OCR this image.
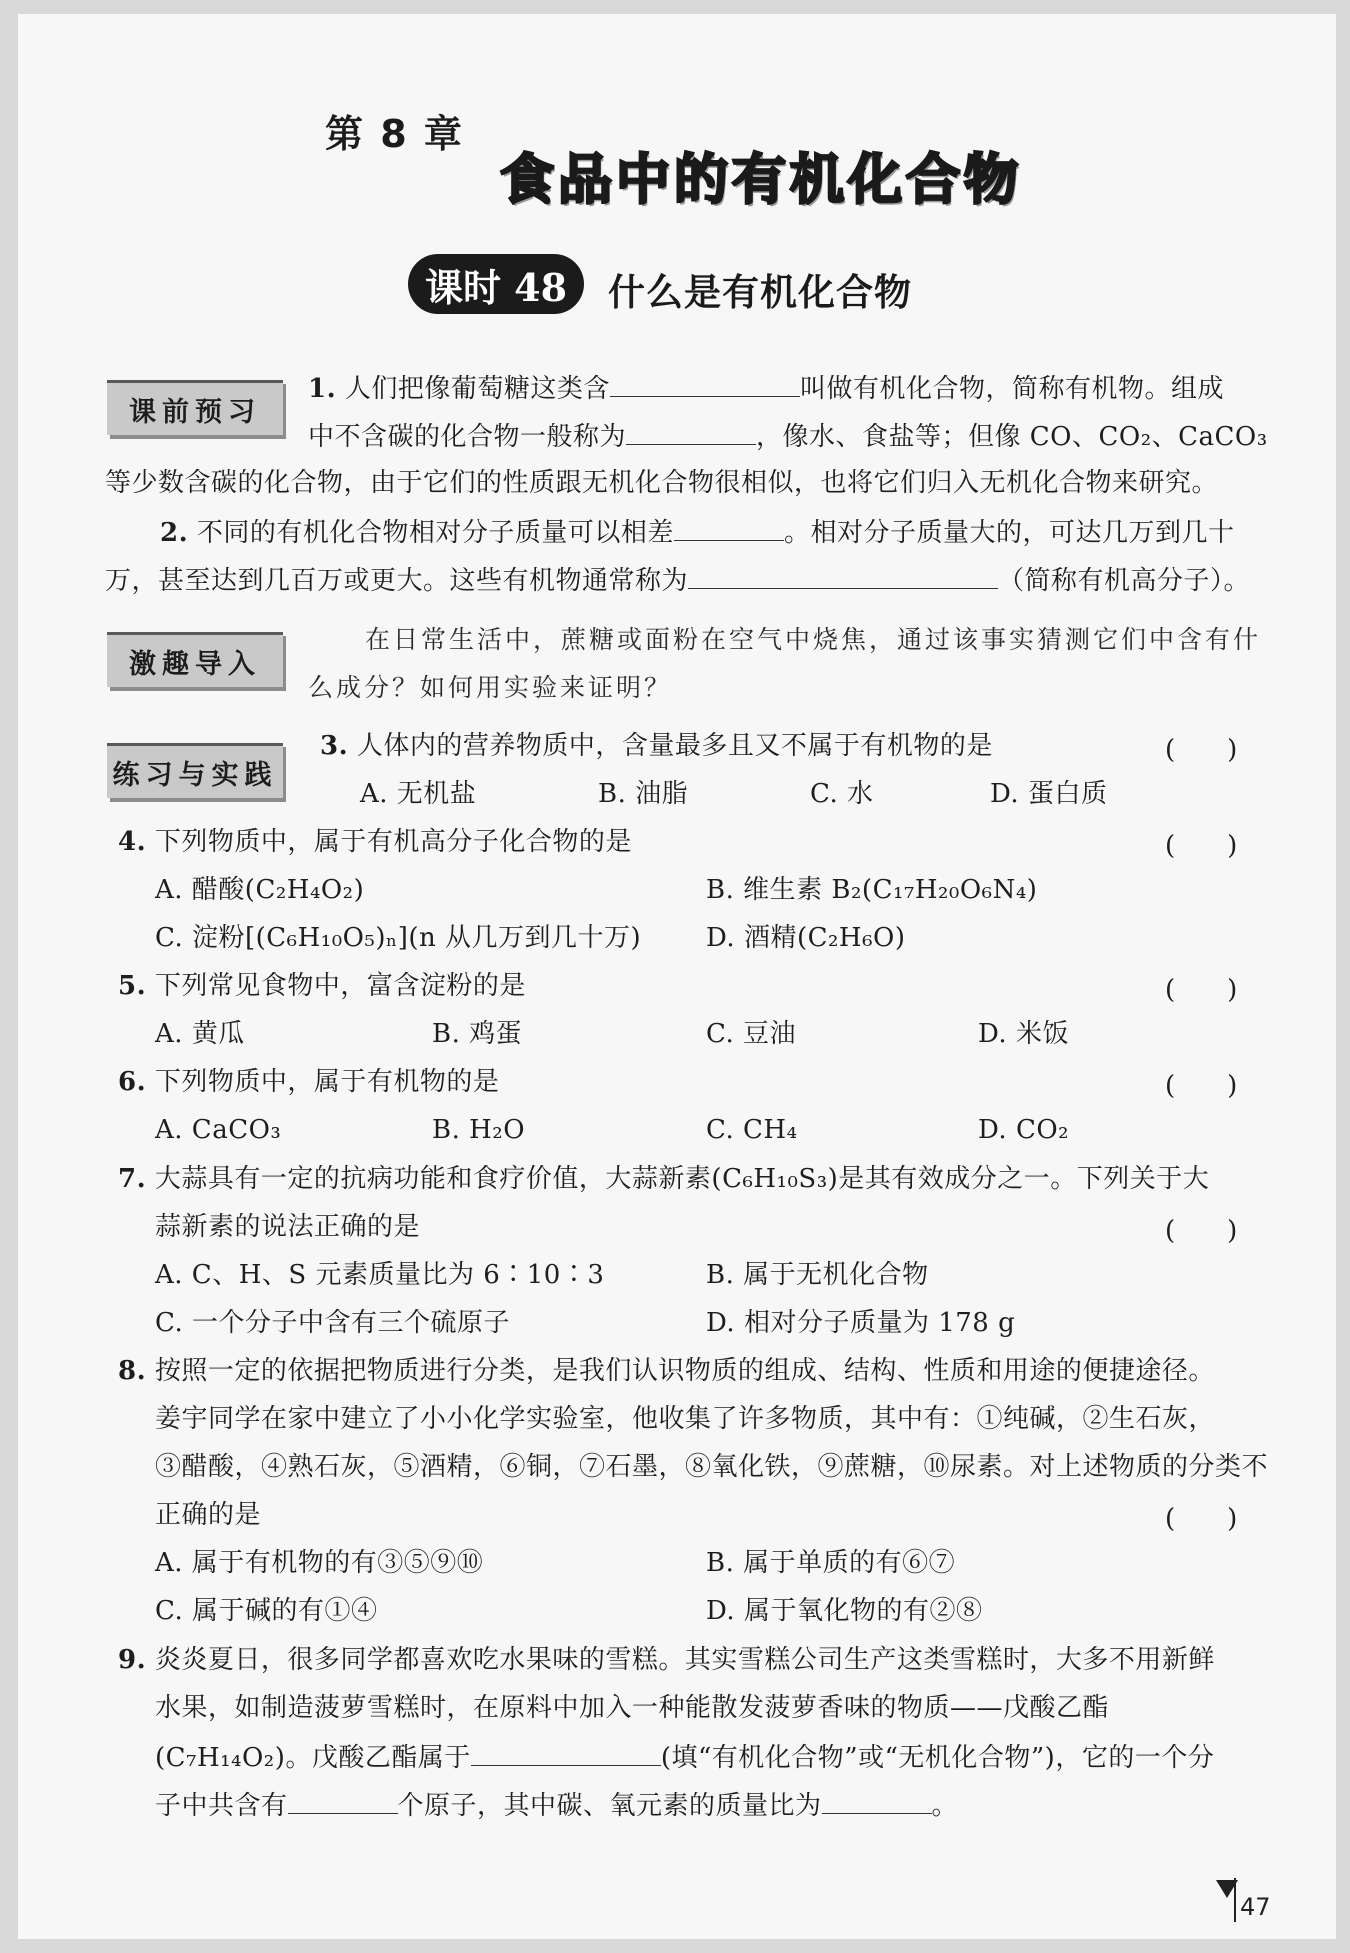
第 8 章
食品中的有机化合物
课时 48	什么是有机化合物
课前预习
1. 人们把像葡萄糖这类含	叫做有机化合物，简称有机物。组成
中不含碳的化合物一般称为	，像水、食盐等；但像 CO、CO₂、CaCO₃
等少数含碳的化合物，由于它们的性质跟无机化合物很相似，也将它们归入无机化合物来研究。
2. 不同的有机化合物相对分子质量可以相差	。相对分子质量大的，可达几万到几十
万，甚至达到几百万或更大。这些有机物通常称为	（简称有机高分子）。
激趣导入
在日常生活中，蔗糖或面粉在空气中烧焦，通过该事实猜测它们中含有什
么成分？如何用实验来证明？
练习与实践
3. 人体内的营养物质中，含量最多且又不属于有机物的是	(　　)
A. 无机盐	B. 油脂	C. 水	D. 蛋白质
4. 下列物质中，属于有机高分子化合物的是	(　　)
A. 醋酸(C₂H₄O₂)	B. 维生素 B₂(C₁₇H₂₀O₆N₄)
C. 淀粉[(C₆H₁₀O₅)ₙ](n 从几万到几十万) D. 酒精(C₂H₆O)
5. 下列常见食物中，富含淀粉的是	(　　)
A. 黄瓜	B. 鸡蛋	C. 豆油	D. 米饭
6. 下列物质中，属于有机物的是	(　　)
A. CaCO₃	B. H₂O	C. CH₄	D. CO₂
7. 大蒜具有一定的抗病功能和食疗价值，大蒜新素(C₆H₁₀S₃)是其有效成分之一。下列关于大
蒜新素的说法正确的是	(　　)
A. C、H、S 元素质量比为 6∶10∶3	B. 属于无机化合物
C. 一个分子中含有三个硫原子	D. 相对分子质量为 178 g
8. 按照一定的依据把物质进行分类，是我们认识物质的组成、结构、性质和用途的便捷途径。
姜宇同学在家中建立了小小化学实验室，他收集了许多物质，其中有：①纯碱，②生石灰，
③醋酸，④熟石灰，⑤酒精，⑥铜，⑦石墨，⑧氧化铁，⑨蔗糖，⑩尿素。对上述物质的分类不
正确的是	(　　)
A. 属于有机物的有③⑤⑨⑩	B. 属于单质的有⑥⑦
C. 属于碱的有①④	D. 属于氧化物的有②⑧
9. 炎炎夏日，很多同学都喜欢吃水果味的雪糕。其实雪糕公司生产这类雪糕时，大多不用新鲜
水果，如制造菠萝雪糕时，在原料中加入一种能散发菠萝香味的物质——戊酸乙酯
(C₇H₁₄O₂)。戊酸乙酯属于	(填“有机化合物”或“无机化合物”)，它的一个分
子中共含有	个原子，其中碳、氧元素的质量比为	。
47
